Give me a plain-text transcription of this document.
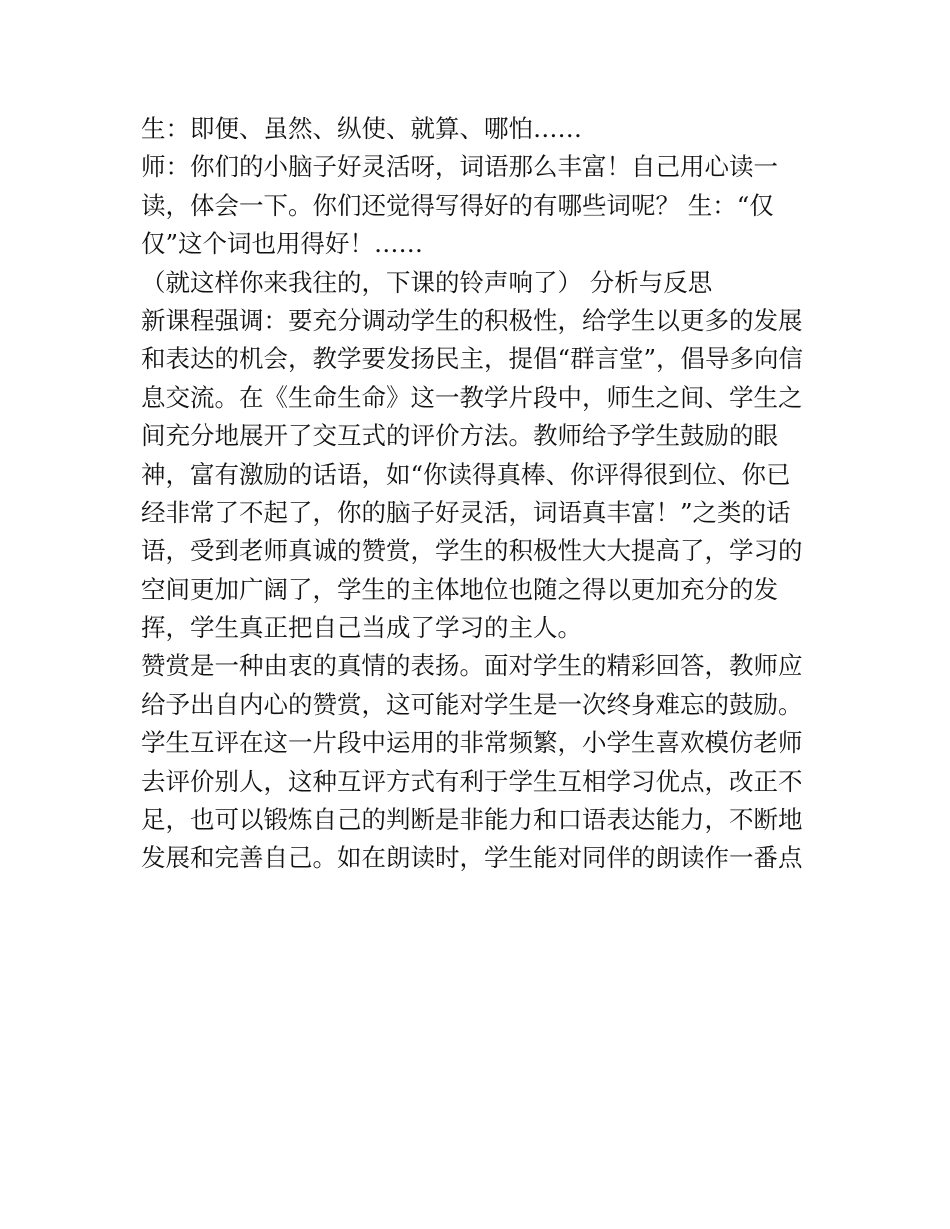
生：即便、虽然、纵使、就算、哪怕……
师：你们的小脑子好灵活呀，词语那么丰富！自己用心读一
读，体会一下。你们还觉得写得好的有哪些词呢？ 生：“仅
仅”这个词也用得好！……
（就这样你来我往的，下课的铃声响了） 分析与反思
新课程强调：要充分调动学生的积极性，给学生以更多的发展
和表达的机会，教学要发扬民主，提倡“群言堂”，倡导多向信
息交流。在《生命生命》这一教学片段中，师生之间、学生之
间充分地展开了交互式的评价方法。教师给予学生鼓励的眼
神，富有激励的话语，如“你读得真棒、你评得很到位、你已
经非常了不起了，你的脑子好灵活，词语真丰富！”之类的话
语，受到老师真诚的赞赏，学生的积极性大大提高了，学习的
空间更加广阔了，学生的主体地位也随之得以更加充分的发
挥，学生真正把自己当成了学习的主人。
赞赏是一种由衷的真情的表扬。面对学生的精彩回答，教师应
给予出自内心的赞赏，这可能对学生是一次终身难忘的鼓励。
学生互评在这一片段中运用的非常频繁，小学生喜欢模仿老师
去评价别人，这种互评方式有利于学生互相学习优点，改正不
足，也可以锻炼自己的判断是非能力和口语表达能力，不断地
发展和完善自己。如在朗读时，学生能对同伴的朗读作一番点
